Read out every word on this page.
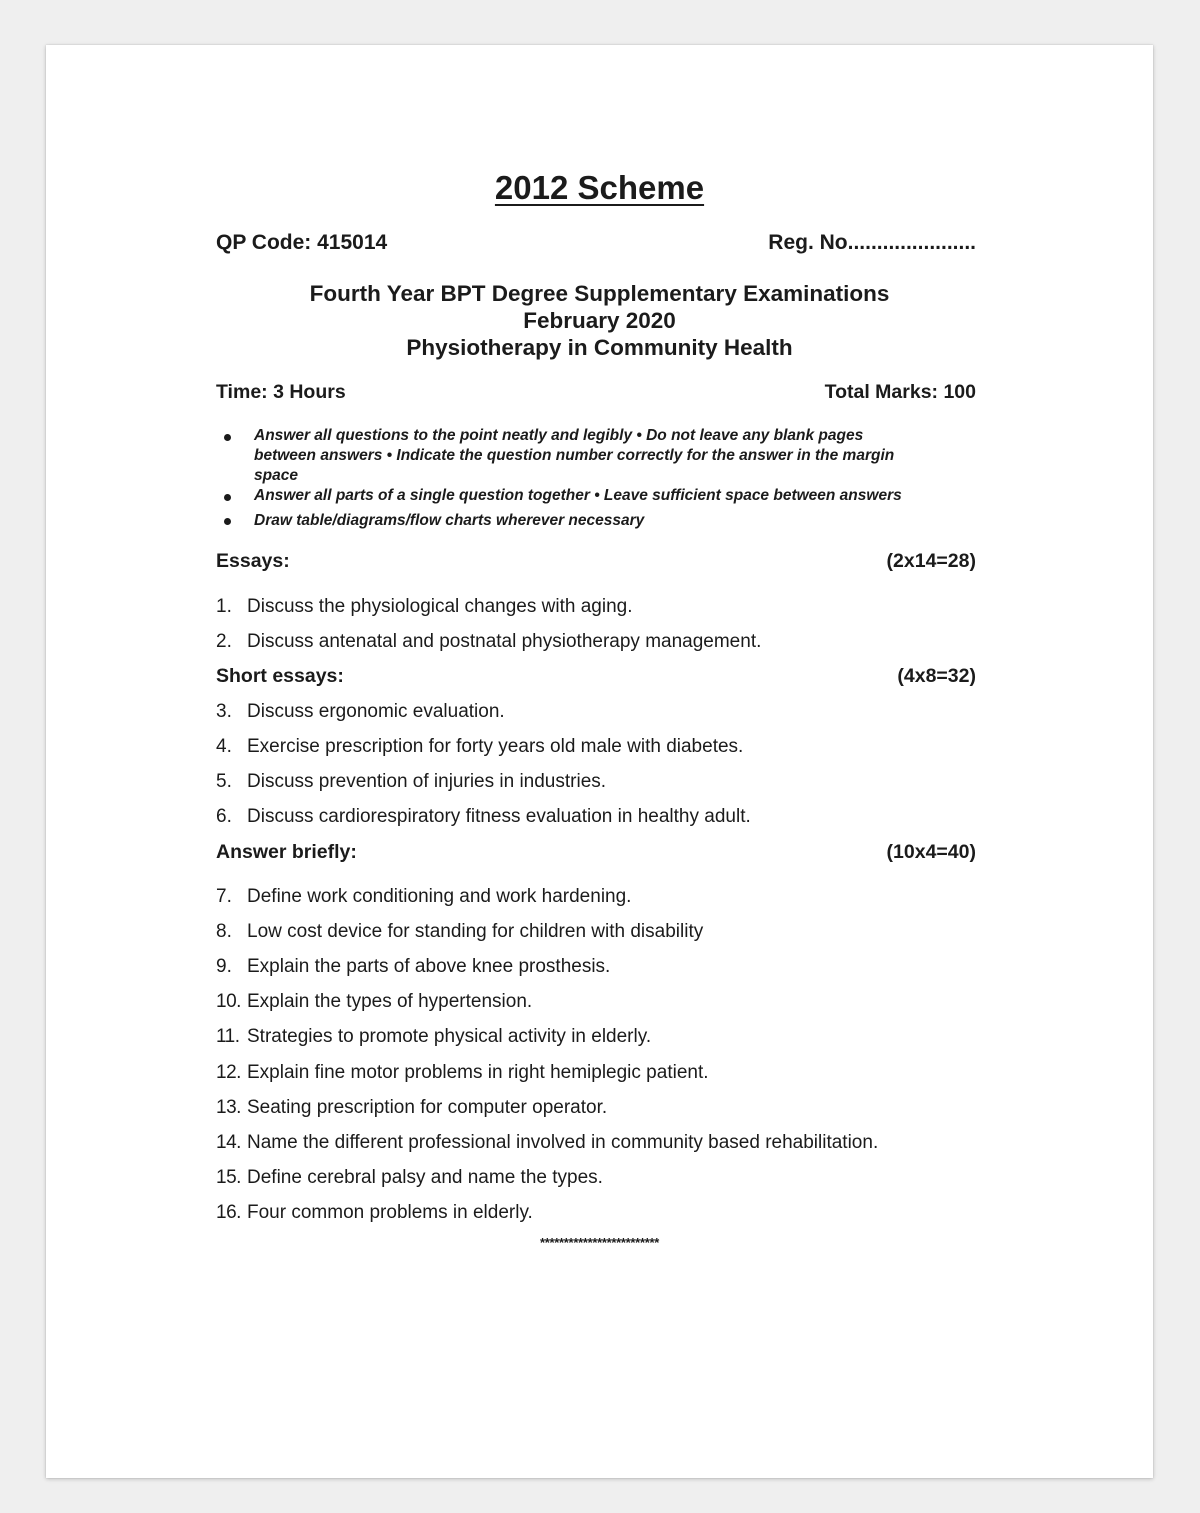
2012 Scheme
QP Code: 415014	Reg. No......................
Fourth Year BPT Degree Supplementary Examinations
February 2020
Physiotherapy in Community Health
Time: 3 Hours	Total Marks: 100
Answer all questions to the point neatly and legibly • Do not leave any blank pages
between answers • Indicate the question number correctly for the answer in the margin
space
Answer all parts of a single question together • Leave sufficient space between answers
Draw table/diagrams/flow charts wherever necessary
Essays:	(2x14=28)
1. Discuss the physiological changes with aging.
2. Discuss antenatal and postnatal physiotherapy management.
Short essays:	(4x8=32)
3. Discuss ergonomic evaluation.
4. Exercise prescription for forty years old male with diabetes.
5. Discuss prevention of injuries in industries.
6. Discuss cardiorespiratory fitness evaluation in healthy adult.
Answer briefly:	(10x4=40)
7. Define work conditioning and work hardening.
8. Low cost device for standing for children with disability
9. Explain the parts of above knee prosthesis.
10. Explain the types of hypertension.
11. Strategies to promote physical activity in elderly.
12. Explain fine motor problems in right hemiplegic patient.
13. Seating prescription for computer operator.
14. Name the different professional involved in community based rehabilitation.
15. Define cerebral palsy and name the types.
16. Four common problems in elderly.
*************************
